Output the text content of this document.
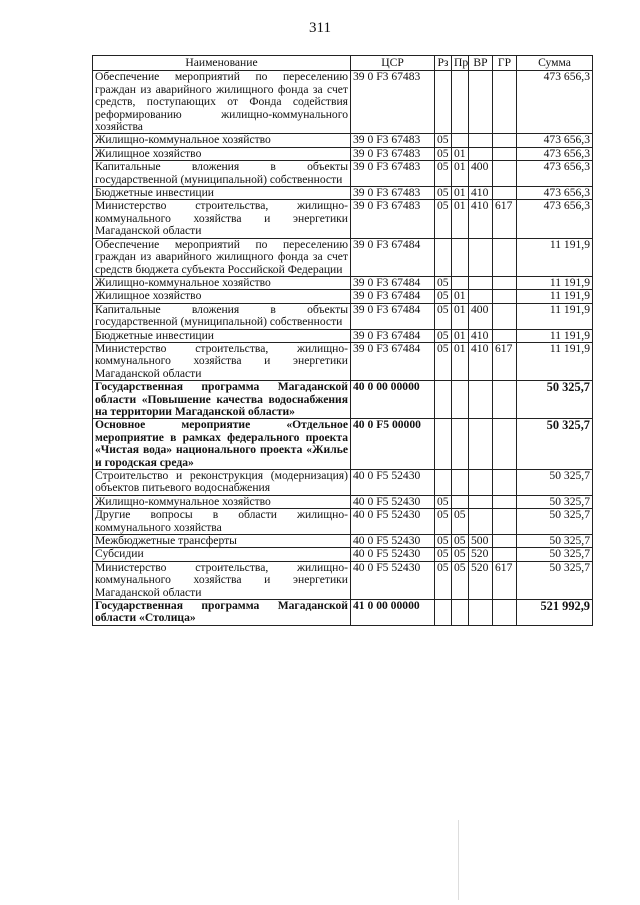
311
Наименование	ЦСР	Рз	Пр	ВР	ГР	Сумма
Обеспечение мероприятий по переселению граждан из аварийного жилищного фонда за счет средств, поступающих от Фонда содействия реформированию жилищно-коммунального хозяйства	39 0 F3 67483					473 656,3
Жилищно-коммунальное хозяйство	39 0 F3 67483	05				473 656,3
Жилищное хозяйство	39 0 F3 67483	05	01			473 656,3
Капитальные вложения в объекты государственной (муниципальной) собственности	39 0 F3 67483	05	01	400		473 656,3
Бюджетные инвестиции	39 0 F3 67483	05	01	410		473 656,3
Министерство строительства, жилищно-коммунального хозяйства и энергетики Магаданской области	39 0 F3 67483	05	01	410	617	473 656,3
Обеспечение мероприятий по переселению граждан из аварийного жилищного фонда за счет средств бюджета субъекта Российской Федерации	39 0 F3 67484					11 191,9
Жилищно-коммунальное хозяйство	39 0 F3 67484	05				11 191,9
Жилищное хозяйство	39 0 F3 67484	05	01			11 191,9
Капитальные вложения в объекты государственной (муниципальной) собственности	39 0 F3 67484	05	01	400		11 191,9
Бюджетные инвестиции	39 0 F3 67484	05	01	410		11 191,9
Министерство строительства, жилищно-коммунального хозяйства и энергетики Магаданской области	39 0 F3 67484	05	01	410	617	11 191,9
Государственная программа Магаданской области «Повышение качества водоснабжения на территории Магаданской области»	40 0 00 00000					50 325,7
Основное мероприятие «Отдельное мероприятие в рамках федерального проекта «Чистая вода» национального проекта «Жилье и городская среда»	40 0 F5 00000					50 325,7
Строительство и реконструкция (модернизация) объектов питьевого водоснабжения	40 0 F5 52430					50 325,7
Жилищно-коммунальное хозяйство	40 0 F5 52430	05				50 325,7
Другие вопросы в области жилищно-коммунального хозяйства	40 0 F5 52430	05	05			50 325,7
Межбюджетные трансферты	40 0 F5 52430	05	05	500		50 325,7
Субсидии	40 0 F5 52430	05	05	520		50 325,7
Министерство строительства, жилищно-коммунального хозяйства и энергетики Магаданской области	40 0 F5 52430	05	05	520	617	50 325,7
Государственная программа Магаданской области «Столица»	41 0 00 00000					521 992,9
